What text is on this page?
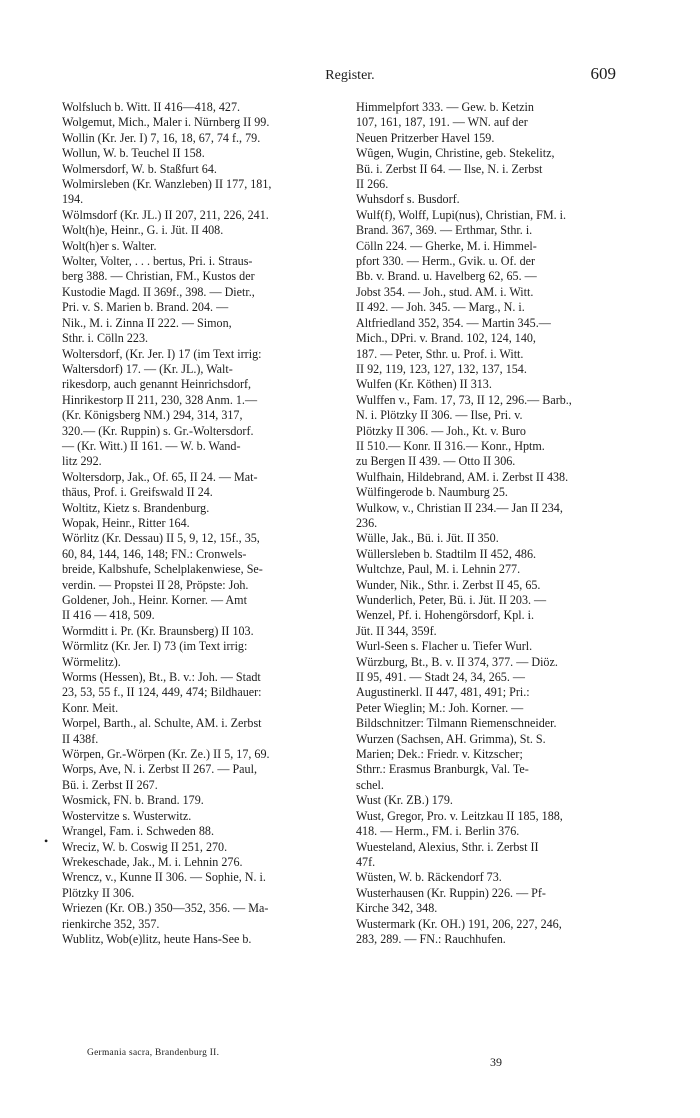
Register.	609
Wolfsluch b. Witt. II 416—418, 427.
Wolgemut, Mich., Maler i. Nürnberg II 99.
Wollin (Kr. Jer. I) 7, 16, 18, 67, 74 f., 79.
Wollun, W. b. Teuchel II 158.
Wolmersdorf, W. b. Staßfurt 64.
Wolmirsleben (Kr. Wanzleben) II 177, 181,
194.
Wölmsdorf (Kr. JL.) II 207, 211, 226, 241.
Wolt(h)e, Heinr., G. i. Jüt. II 408.
Wolt(h)er s. Walter.
Wolter, Volter, . . . bertus, Pri. i. Straus-
berg 388. — Christian, FM., Kustos der
Kustodie Magd. II 369f., 398. — Dietr.,
Pri. v. S. Marien b. Brand. 204. —
Nik., M. i. Zinna II 222. — Simon,
Sthr. i. Cölln 223.
Woltersdorf, (Kr. Jer. I) 17 (im Text irrig:
Waltersdorf) 17. — (Kr. JL.), Walt-
rikesdorp, auch genannt Heinrichsdorf,
Hinrikestorp II 211, 230, 328 Anm. 1.—
(Kr. Königsberg NM.) 294, 314, 317,
320.— (Kr. Ruppin) s. Gr.-Woltersdorf.
— (Kr. Witt.) II 161. — W. b. Wand-
litz 292.
Woltersdorp, Jak., Of. 65, II 24. — Mat-
thäus, Prof. i. Greifswald II 24.
Woltitz, Kietz s. Brandenburg.
Wopak, Heinr., Ritter 164.
Wörlitz (Kr. Dessau) II 5, 9, 12, 15f., 35,
60, 84, 144, 146, 148; FN.: Cronwels-
breide, Kalbshufe, Schelplakenwiese, Se-
verdin. — Propstei II 28, Pröpste: Joh.
Goldener, Joh., Heinr. Korner. — Amt
II 416 — 418, 509.
Wormditt i. Pr. (Kr. Braunsberg) II 103.
Wörmlitz (Kr. Jer. I) 73 (im Text irrig:
Wörmelitz).
Worms (Hessen), Bt., B. v.: Joh. — Stadt
23, 53, 55 f., II 124, 449, 474; Bildhauer:
Konr. Meit.
Worpel, Barth., al. Schulte, AM. i. Zerbst
II 438f.
Wörpen, Gr.-Wörpen (Kr. Ze.) II 5, 17, 69.
Worps, Ave, N. i. Zerbst II 267. — Paul,
Bü. i. Zerbst II 267.
Wosmick, FN. b. Brand. 179.
Wostervitze s. Wusterwitz.
Wrangel, Fam. i. Schweden 88.
Wreciz, W. b. Coswig II 251, 270.
Wrekeschade, Jak., M. i. Lehnin 276.
Wrencz, v., Kunne II 306. — Sophie, N. i.
Plötzky II 306.
Wriezen (Kr. OB.) 350—352, 356. — Ma-
rienkirche 352, 357.
Wublitz, Wob(e)litz, heute Hans-See b.
Himmelpfort 333. — Gew. b. Ketzin
107, 161, 187, 191. — WN. auf der
Neuen Pritzerber Havel 159.
Wûgen, Wugin, Christine, geb. Stekelitz,
Bü. i. Zerbst II 64. — Ilse, N. i. Zerbst
II 266.
Wuhsdorf s. Busdorf.
Wulf(f), Wolff, Lupi(nus), Christian, FM. i.
Brand. 367, 369. — Erthmar, Sthr. i.
Cölln 224. — Gherke, M. i. Himmel-
pfort 330. — Herm., Gvik. u. Of. der
Bb. v. Brand. u. Havelberg 62, 65. —
Jobst 354. — Joh., stud. AM. i. Witt.
II 492. — Joh. 345. — Marg., N. i.
Altfriedland 352, 354. — Martin 345.—
Mich., DPri. v. Brand. 102, 124, 140,
187. — Peter, Sthr. u. Prof. i. Witt.
II 92, 119, 123, 127, 132, 137, 154.
Wulfen (Kr. Köthen) II 313.
Wulffen v., Fam. 17, 73, II 12, 296.— Barb.,
N. i. Plötzky II 306. — Ilse, Pri. v.
Plötzky II 306. — Joh., Kt. v. Buro
II 510.— Konr. II 316.— Konr., Hptm.
zu Bergen II 439. — Otto II 306.
Wulfhain, Hildebrand, AM. i. Zerbst II 438.
Wülfingerode b. Naumburg 25.
Wulkow, v., Christian II 234.— Jan II 234,
236.
Wülle, Jak., Bü. i. Jüt. II 350.
Wüllersleben b. Stadtilm II 452, 486.
Wultchze, Paul, M. i. Lehnin 277.
Wunder, Nik., Sthr. i. Zerbst II 45, 65.
Wunderlich, Peter, Bü. i. Jüt. II 203. —
Wenzel, Pf. i. Hohengörsdorf, Kpl. i.
Jüt. II 344, 359f.
Wurl-Seen s. Flacher u. Tiefer Wurl.
Würzburg, Bt., B. v. II 374, 377. — Diöz.
II 95, 491. — Stadt 24, 34, 265. —
Augustinerkl. II 447, 481, 491; Pri.:
Peter Wieglin; M.: Joh. Korner. —
Bildschnitzer: Tilmann Riemenschneider.
Wurzen (Sachsen, AH. Grimma), St. S.
Marien; Dek.: Friedr. v. Kitzscher;
Sthrr.: Erasmus Branburgk, Val. Te-
schel.
Wust (Kr. ZB.) 179.
Wust, Gregor, Pro. v. Leitzkau II 185, 188,
418. — Herm., FM. i. Berlin 376.
Wuesteland, Alexius, Sthr. i. Zerbst II
47f.
Wüsten, W. b. Räckendorf 73.
Wusterhausen (Kr. Ruppin) 226. — Pf-
Kirche 342, 348.
Wustermark (Kr. OH.) 191, 206, 227, 246,
283, 289. — FN.: Rauchhufen.
•
Germania sacra, Brandenburg II.
39
